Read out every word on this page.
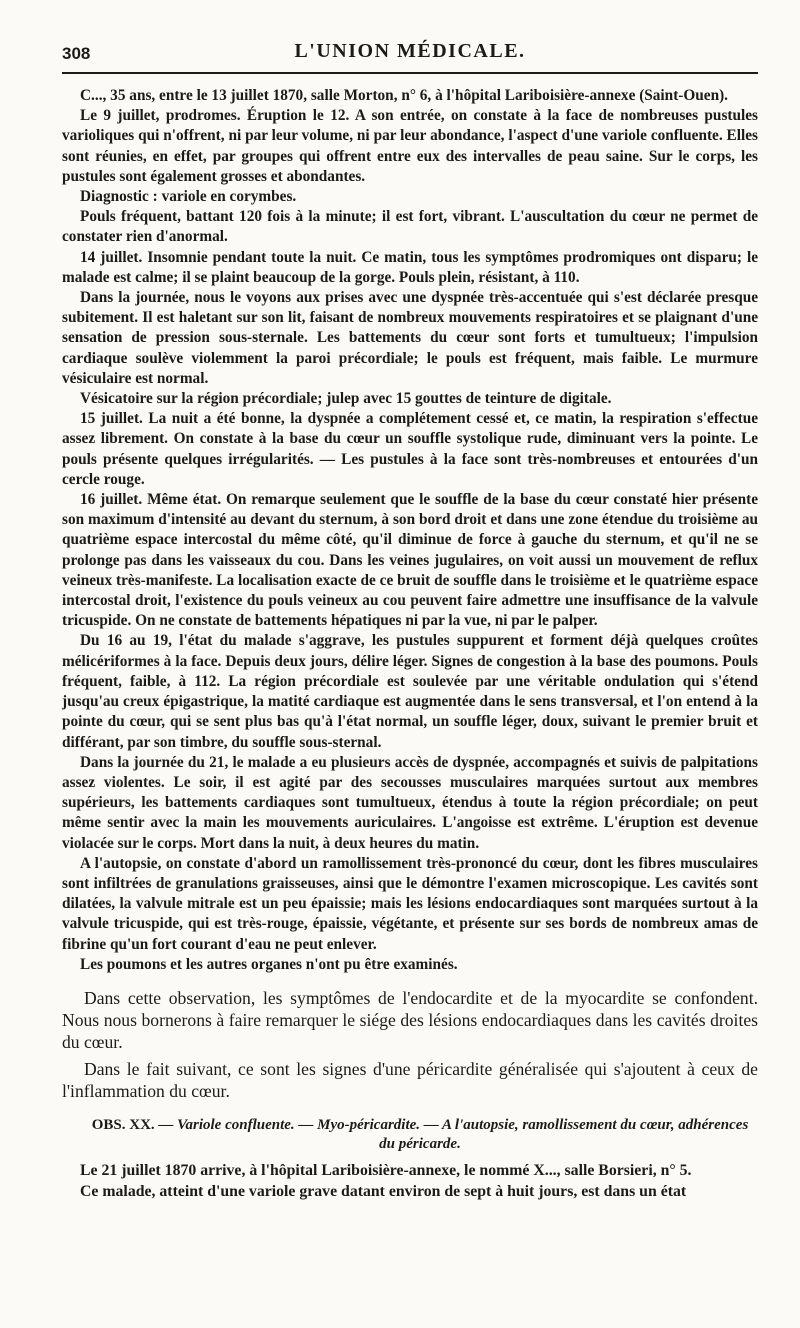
308	L'UNION MÉDICALE.

C..., 35 ans, entre le 13 juillet 1870, salle Morton, n° 6, à l'hôpital Lariboisière-annexe (Saint-Ouen).

Le 9 juillet, prodromes. Éruption le 12. A son entrée, on constate à la face de nombreuses pustules varioliques qui n'offrent, ni par leur volume, ni par leur abondance, l'aspect d'une variole confluente. Elles sont réunies, en effet, par groupes qui offrent entre eux des intervalles de peau saine. Sur le corps, les pustules sont également grosses et abondantes.

Diagnostic : variole en corymbes.

Pouls fréquent, battant 120 fois à la minute; il est fort, vibrant. L'auscultation du cœur ne permet de constater rien d'anormal.

14 juillet. Insomnie pendant toute la nuit. Ce matin, tous les symptômes prodromiques ont disparu; le malade est calme; il se plaint beaucoup de la gorge. Pouls plein, résistant, à 110.

Dans la journée, nous le voyons aux prises avec une dyspnée très-accentuée qui s'est déclarée presque subitement. Il est haletant sur son lit, faisant de nombreux mouvements respiratoires et se plaignant d'une sensation de pression sous-sternale. Les battements du cœur sont forts et tumultueux; l'impulsion cardiaque soulève violemment la paroi précordiale; le pouls est fréquent, mais faible. Le murmure vésiculaire est normal.

Vésicatoire sur la région précordiale; julep avec 15 gouttes de teinture de digitale.

15 juillet. La nuit a été bonne, la dyspnée a complétement cessé et, ce matin, la respiration s'effectue assez librement. On constate à la base du cœur un souffle systolique rude, diminuant vers la pointe. Le pouls présente quelques irrégularités. — Les pustules à la face sont très-nombreuses et entourées d'un cercle rouge.

16 juillet. Même état. On remarque seulement que le souffle de la base du cœur constaté hier présente son maximum d'intensité au devant du sternum, à son bord droit et dans une zone étendue du troisième au quatrième espace intercostal du même côté, qu'il diminue de force à gauche du sternum, et qu'il ne se prolonge pas dans les vaisseaux du cou. Dans les veines jugulaires, on voit aussi un mouvement de reflux veineux très-manifeste. La localisation exacte de ce bruit de souffle dans le troisième et le quatrième espace intercostal droit, l'existence du pouls veineux au cou peuvent faire admettre une insuffisance de la valvule tricuspide. On ne constate de battements hépatiques ni par la vue, ni par le palper.

Du 16 au 19, l'état du malade s'aggrave, les pustules suppurent et forment déjà quelques croûtes mélicériformes à la face. Depuis deux jours, délire léger. Signes de congestion à la base des poumons. Pouls fréquent, faible, à 112. La région précordiale est soulevée par une véritable ondulation qui s'étend jusqu'au creux épigastrique, la matité cardiaque est augmentée dans le sens transversal, et l'on entend à la pointe du cœur, qui se sent plus bas qu'à l'état normal, un souffle léger, doux, suivant le premier bruit et différant, par son timbre, du souffle sous-sternal.

Dans la journée du 21, le malade a eu plusieurs accès de dyspnée, accompagnés et suivis de palpitations assez violentes. Le soir, il est agité par des secousses musculaires marquées surtout aux membres supérieurs, les battements cardiaques sont tumultueux, étendus à toute la région précordiale; on peut même sentir avec la main les mouvements auriculaires. L'angoisse est extrême. L'éruption est devenue violacée sur le corps. Mort dans la nuit, à deux heures du matin.

A l'autopsie, on constate d'abord un ramollissement très-prononcé du cœur, dont les fibres musculaires sont infiltrées de granulations graisseuses, ainsi que le démontre l'examen microscopique. Les cavités sont dilatées, la valvule mitrale est un peu épaissie; mais les lésions endocardiaques sont marquées surtout à la valvule tricuspide, qui est très-rouge, épaissie, végétante, et présente sur ses bords de nombreux amas de fibrine qu'un fort courant d'eau ne peut enlever.

Les poumons et les autres organes n'ont pu être examinés.

Dans cette observation, les symptômes de l'endocardite et de la myocardite se confondent. Nous nous bornerons à faire remarquer le siége des lésions endocardiaques dans les cavités droites du cœur.

Dans le fait suivant, ce sont les signes d'une péricardite généralisée qui s'ajoutent à ceux de l'inflammation du cœur.

OBS. XX. — Variole confluente. — Myo-péricardite. — A l'autopsie, ramollissement du cœur, adhérences du péricarde.

Le 21 juillet 1870 arrive, à l'hôpital Lariboisière-annexe, le nommé X..., salle Borsieri, n° 5.

Ce malade, atteint d'une variole grave datant environ de sept à huit jours, est dans un état
